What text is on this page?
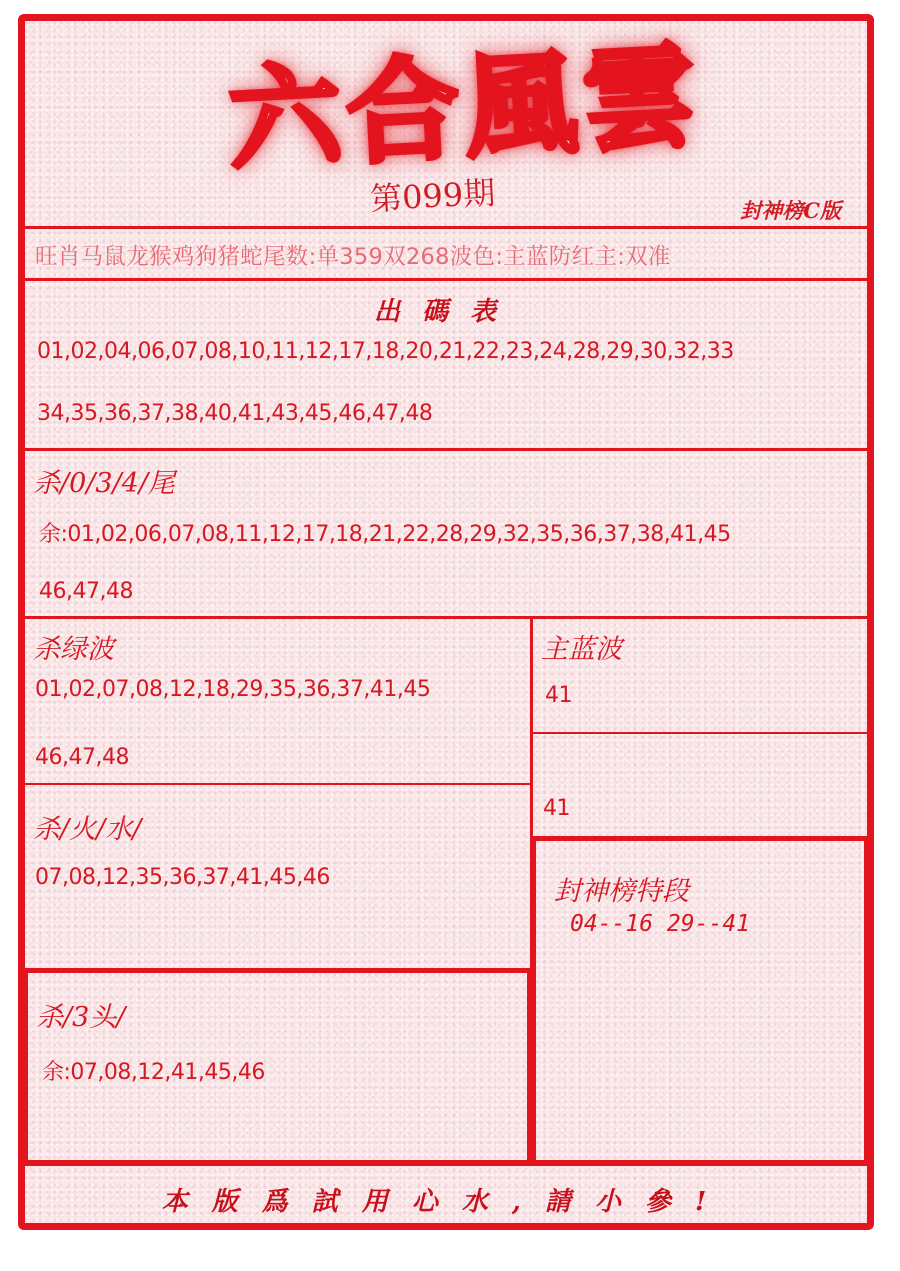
六合風雲
第099期	封神榜C版
旺肖马鼠龙猴鸡狗猪蛇尾数:单359双268波色:主蓝防红主:双准
出碼表
01,02,04,06,07,08,10,11,12,17,18,20,21,22,23,24,28,29,30,32,33
34,35,36,37,38,40,41,43,45,46,47,48
杀/0/3/4/尾
余:01,02,06,07,08,11,12,17,18,21,22,28,29,32,35,36,37,38,41,45
46,47,48
杀绿波
01,02,07,08,12,18,29,35,36,37,41,45
46,47,48
杀/火/水/
07,08,12,35,36,37,41,45,46
杀/3头/
余:07,08,12,41,45,46
主蓝波
41
41
封神榜特段
04--16 29--41
本版爲試用心水,請小參!
